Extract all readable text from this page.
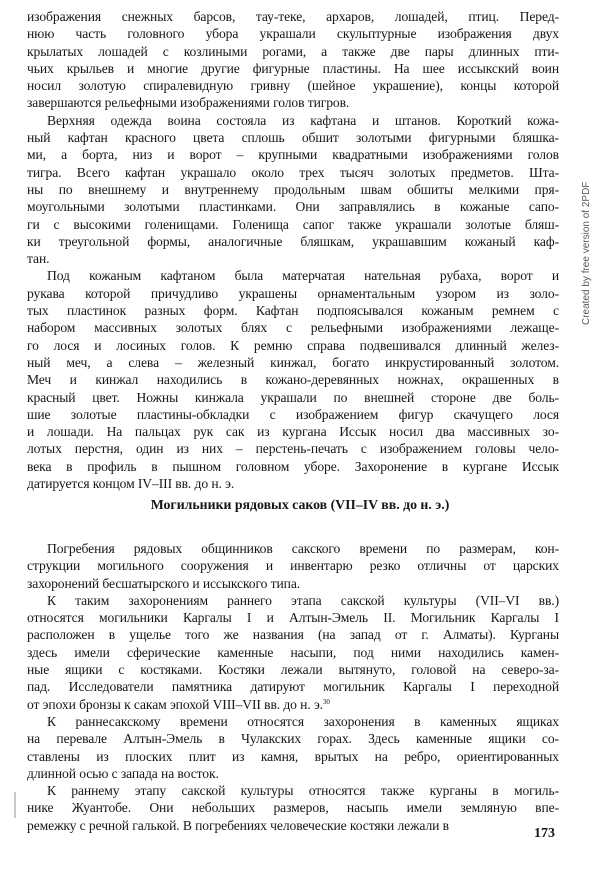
изображения снежных барсов, тау-теке, архаров, лошадей, птиц. Перед-
нюю часть головного убора украшали скульптурные изображения двух
крылатых лошадей с козлиными рогами, а также две пары длинных пти-
чьих крыльев и многие другие фигурные пластины. На шее иссыкский воин
носил золотую спиралевидную гривну (шейное украшение), концы которой
завершаются рельефными изображениями голов тигров.
Верхняя одежда воина состояла из кафтана и штанов. Короткий кожа-
ный кафтан красного цвета сплошь обшит золотыми фигурными бляшка-
ми, а борта, низ и ворот – крупными квадратными изображениями голов
тигра. Всего кафтан украшало около трех тысяч золотых предметов. Шта-
ны по внешнему и внутреннему продольным швам обшиты мелкими пря-
моугольными золотыми пластинками. Они заправлялись в кожаные сапо-
ги с высокими голенищами. Голенища сапог также украшали золотые бляш-
ки треугольной формы, аналогичные бляшкам, украшавшим кожаный каф-
тан.
Под кожаным кафтаном была матерчатая нательная рубаха, ворот и
рукава которой причудливо украшены орнаментальным узором из золо-
тых пластинок разных форм. Кафтан подпоясывался кожаным ремнем с
набором массивных золотых блях с рельефными изображениями лежаще-
го лося и лосиных голов. К ремню справа подвешивался длинный желез-
ный меч, а слева – железный кинжал, богато инкрустированный золотом.
Меч и кинжал находились в кожано-деревянных ножнах, окрашенных в
красный цвет. Ножны кинжала украшали по внешней стороне две боль-
шие золотые пластины-обкладки с изображением фигур скачущего лося
и лошади. На пальцах рук сак из кургана Иссык носил два массивных зо-
лотых перстня, один из них – перстень-печать с изображением головы чело-
века в профиль в пышном головном уборе. Захоронение в кургане Иссык
датируется концом IV–III вв. до н. э.
Могильники рядовых саков (VII–IV вв. до н. э.)
Погребения рядовых общинников сакского времени по размерам, кон-
струкции могильного сооружения и инвентарю резко отличны от царских
захоронений бесшатырского и иссыкского типа.
К таким захоронениям раннего этапа сакской культуры (VII–VI вв.)
относятся могильники Каргалы I и Алтын-Эмель II. Могильник Каргалы I
расположен в ущелье того же названия (на запад от г. Алматы). Курганы
здесь имели сферические каменные насыпи, под ними находились камен-
ные ящики с костяками. Костяки лежали вытянуто, головой на северо-за-
пад. Исследователи памятника датируют могильник Каргалы I переходной
от эпохи бронзы к сакам эпохой VIII–VII вв. до н. э.$^{30}$
К раннесакскому времени относятся захоронения в каменных ящиках
на перевале Алтын-Эмель в Чулакских горах. Здесь каменные ящики со-
ставлены из плоских плит из камня, врытых на ребро, ориентированных
длинной осью с запада на восток.
К раннему этапу сакской культуры относятся также курганы в могиль-
нике Жуантобе. Они небольших размеров, насыпь имели земляную впе-
ремежку с речной галькой. В погребениях человеческие костяки лежали в
173
Created by free version of 2PDF
